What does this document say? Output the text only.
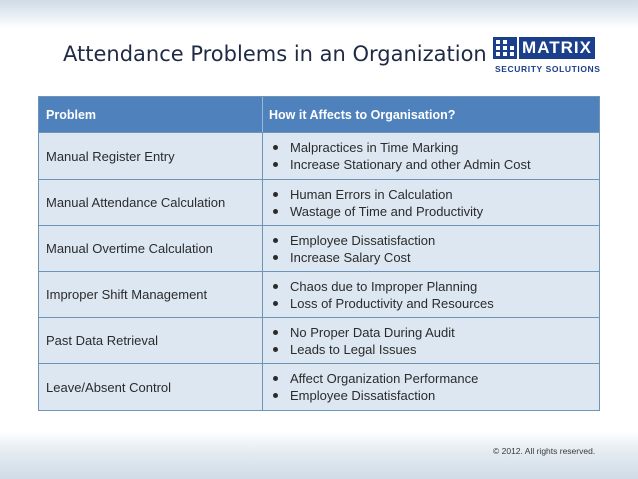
Attendance Problems in an Organization MATRIX
SECURITY SOLUTIONS
Problem	How it Affects to Organisation?
Manual Register Entry
Malpractices in Time Marking
Increase Stationary and other Admin Cost
Manual Attendance Calculation
Human Errors in Calculation
Wastage of Time and Productivity
Manual Overtime Calculation
Employee Dissatisfaction
Increase Salary Cost
Improper Shift Management
Chaos due to Improper Planning
Loss of Productivity and Resources
Past Data Retrieval
No Proper Data During Audit
Leads to Legal Issues
Leave/Absent Control
Affect Organization Performance
Employee Dissatisfaction
© 2012. All rights reserved.
